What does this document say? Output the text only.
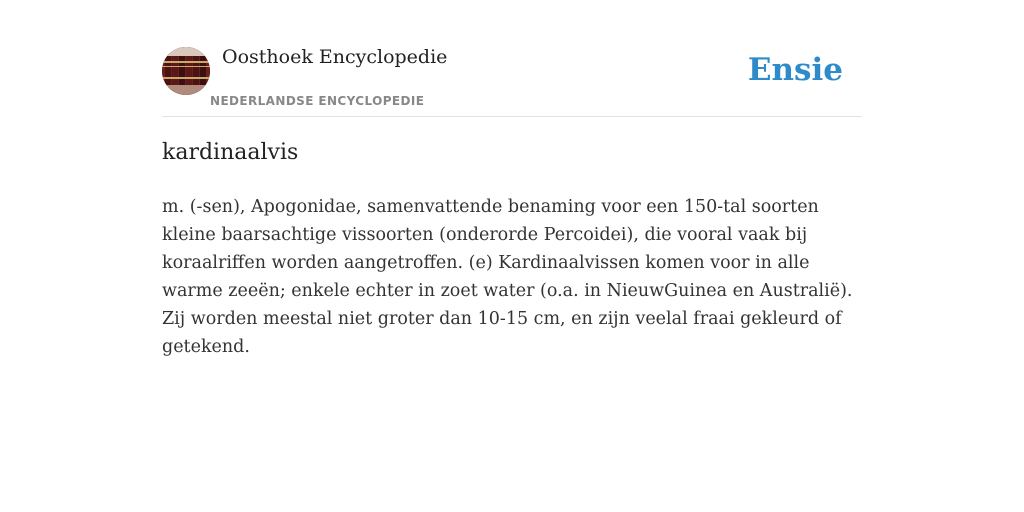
Oosthoek Encyclopedie
NEDERLANDSE ENCYCLOPEDIE
Ensie
kardinaalvis

m. (-sen), Apogonidae, samenvattende benaming voor een 150-tal soorten kleine baarsachtige vissoorten (onderorde Percoidei), die vooral vaak bij koraalriffen worden aangetroffen. (e) Kardinaalvissen komen voor in alle warme zeeën; enkele echter in zoet water (o.a. in NieuwGuinea en Australië). Zij worden meestal niet groter dan 10-15 cm, en zijn veelal fraai gekleurd of getekend.
